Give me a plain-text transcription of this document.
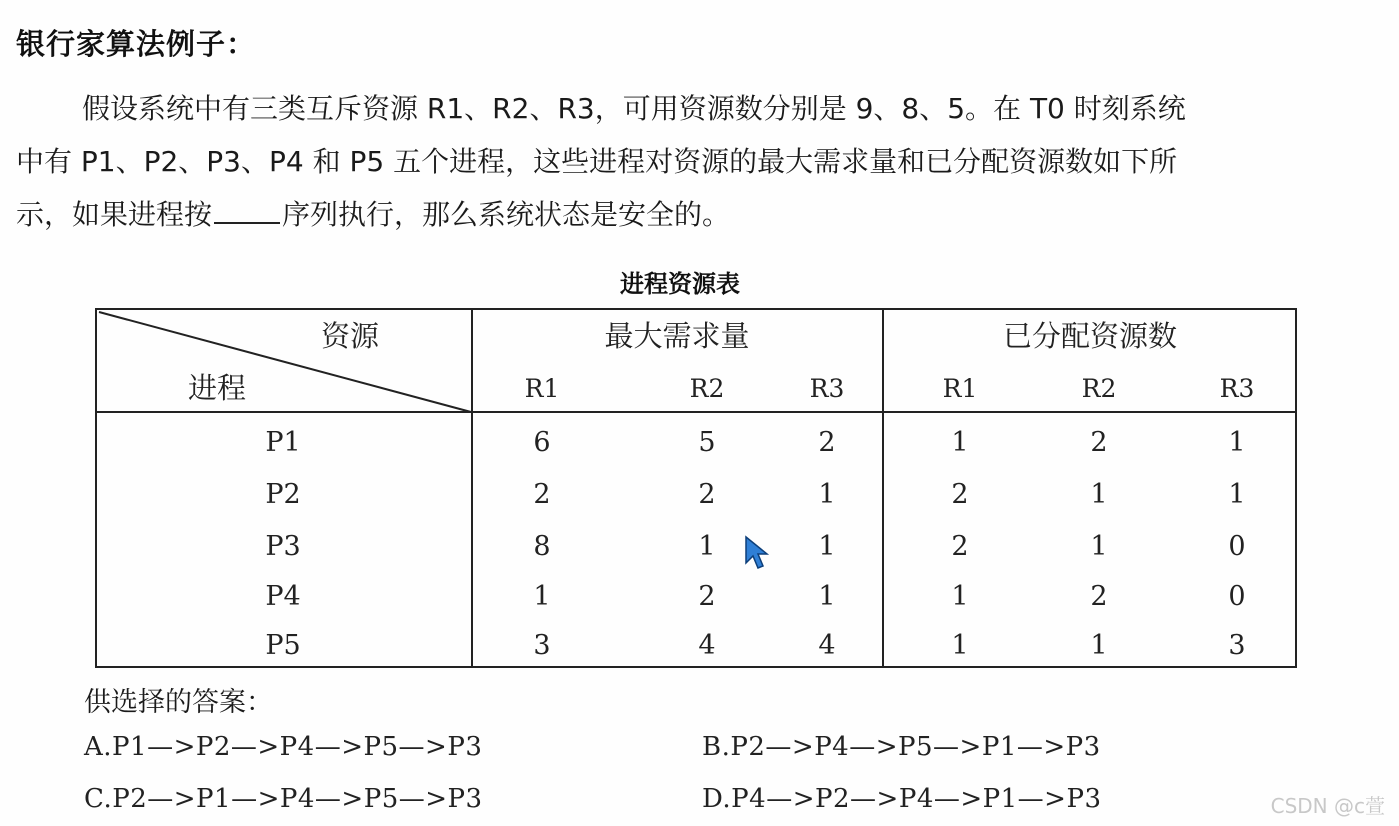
银行家算法例子：
假设系统中有三类互斥资源 R1、R2、R3，可用资源数分别是 9、8、5。在 T0 时刻系统
中有 P1、P2、P3、P4 和 P5 五个进程，这些进程对资源的最大需求量和已分配资源数如下所
示，如果进程按	序列执行，那么系统状态是安全的。
进程资源表
资源
进程
最大需求量	已分配资源数
R1	R2	R3	R1	R2	R3
P1	6	5	2	1	2	1
P2	2	2	1	2	1	1
P3	8	1	1	2	1	0
P4	1	2	1	1	2	0
P5	3	4	4	1	1	3
供选择的答案：
A.P1—>P2—>P4—>P5—>P3	B.P2—>P4—>P5—>P1—>P3
C.P2—>P1—>P4—>P5—>P3	D.P4—>P2—>P4—>P1—>P3	CSDN @c萱
